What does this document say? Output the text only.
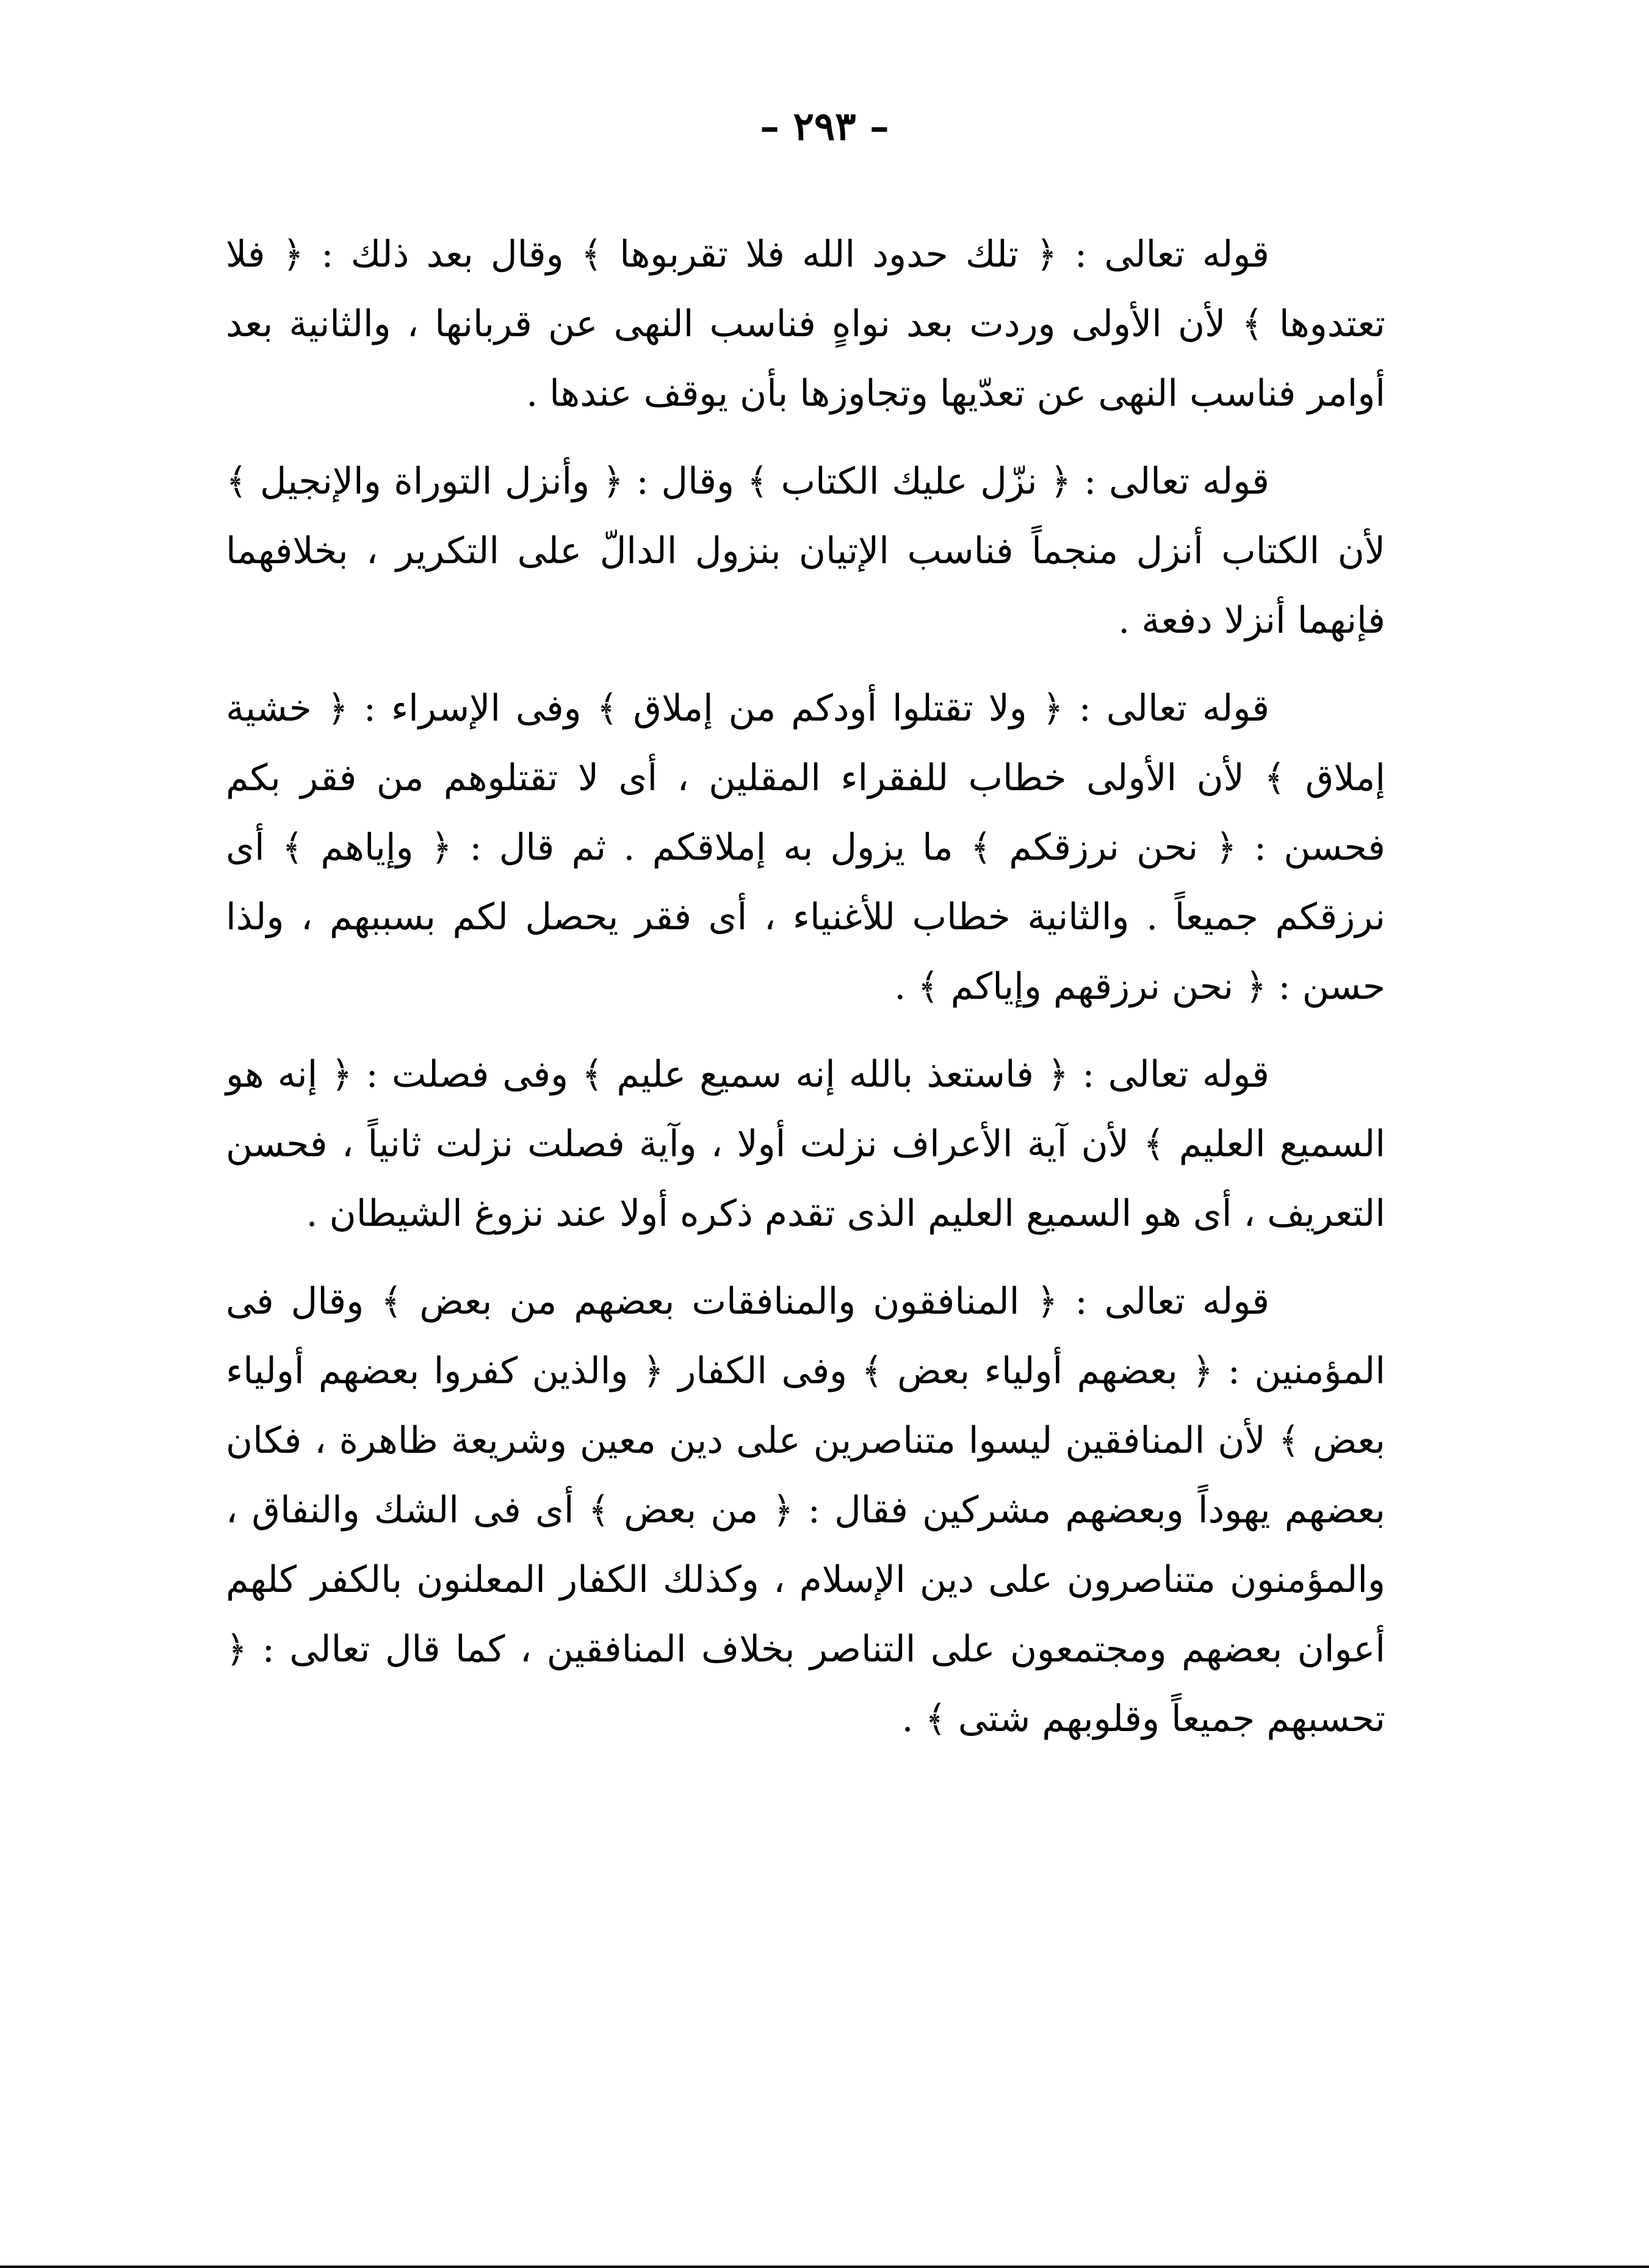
– ٢٩٣ –

قوله تعالى : ﴿ تلك حدود الله فلا تقربوها ﴾ وقال بعد ذلك : ﴿ فلا تعتدوها ﴾ لأن الأولى وردت بعد نواهٍ فناسب النهى عن قربانها ، والثانية بعد أوامر فناسب النهى عن تعدّيها وتجاوزها بأن يوقف عندها .

قوله تعالى : ﴿ نزّل عليك الكتاب ﴾ وقال : ﴿ وأنزل التوراة والإنجيل ﴾ لأن الكتاب أنزل منجماً فناسب الإتيان بنزول الدالّ على التكرير ، بخلافهما فإنهما أنزلا دفعة .

قوله تعالى : ﴿ ولا تقتلوا أودكم من إملاق ﴾ وفى الإسراء : ﴿ خشية إملاق ﴾ لأن الأولى خطاب للفقراء المقلين ، أى لا تقتلوهم من فقر بكم فحسن : ﴿ نحن نرزقكم ﴾ ما يزول به إملاقكم . ثم قال : ﴿ وإياهم ﴾ أى نرزقكم جميعاً . والثانية خطاب للأغنياء ، أى فقر يحصل لكم بسببهم ، ولذا حسن : ﴿ نحن نرزقهم وإياكم ﴾ .

قوله تعالى : ﴿ فاستعذ بالله إنه سميع عليم ﴾ وفى فصلت : ﴿ إنه هو السميع العليم ﴾ لأن آية الأعراف نزلت أولا ، وآية فصلت نزلت ثانياً ، فحسن التعريف ، أى هو السميع العليم الذى تقدم ذكره أولا عند نزوغ الشيطان .

قوله تعالى : ﴿ المنافقون والمنافقات بعضهم من بعض ﴾ وقال فى المؤمنين : ﴿ بعضهم أولياء بعض ﴾ وفى الكفار ﴿ والذين كفروا بعضهم أولياء بعض ﴾ لأن المنافقين ليسوا متناصرين على دين معين وشريعة ظاهرة ، فكان بعضهم يهوداً وبعضهم مشركين فقال : ﴿ من بعض ﴾ أى فى الشك والنفاق ، والمؤمنون متناصرون على دين الإسلام ، وكذلك الكفار المعلنون بالكفر كلهم أعوان بعضهم ومجتمعون على التناصر بخلاف المنافقين ، كما قال تعالى : ﴿ تحسبهم جميعاً وقلوبهم شتى ﴾ .
